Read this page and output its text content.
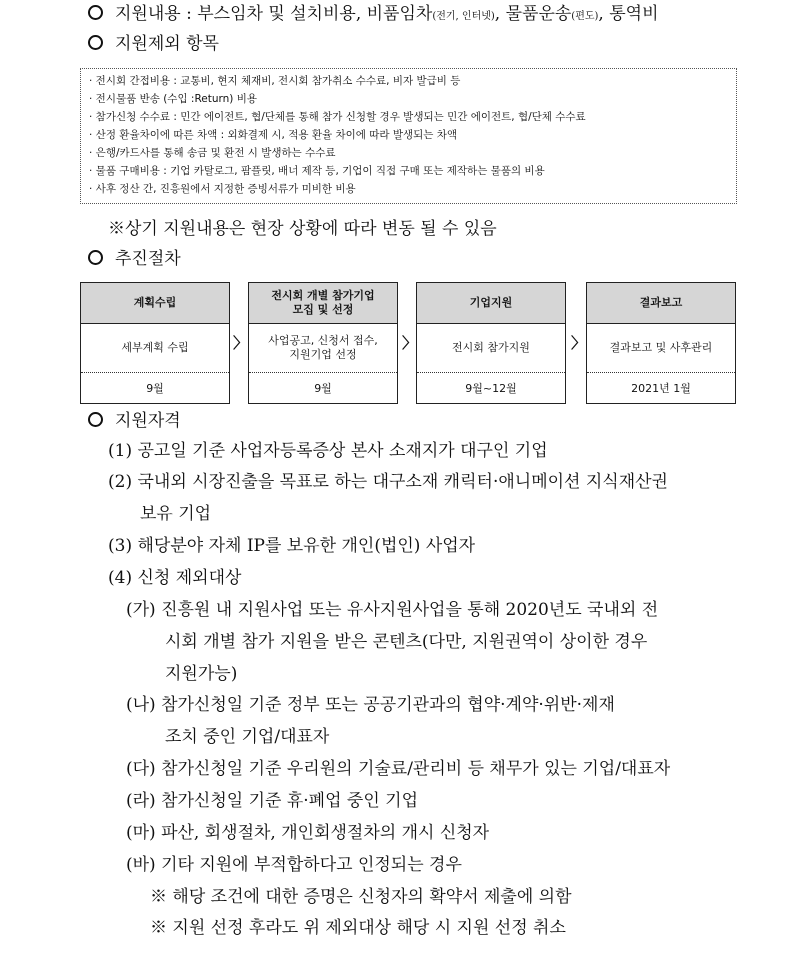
지원내용 : 부스임차 및 설치비용, 비품임차(전기, 인터넷), 물품운송(편도), 통역비
지원제외 항목
· 전시회 간접비용 : 교통비, 현지 체재비, 전시회 참가취소 수수료, 비자 발급비 등
· 전시물품 반송 (수입 :Return) 비용
· 참가신청 수수료 : 민간 에이전트, 협/단체를 통해 참가 신청할 경우 발생되는 민간 에이전트, 협/단체 수수료
· 산정 환율차이에 따른 차액 : 외화결제 시, 적용 환율 차이에 따라 발생되는 차액
· 은행/카드사를 통해 송금 및 환전 시 발생하는 수수료
· 물품 구매비용 : 기업 카탈로그, 팜플릿, 배너 제작 등, 기업이 직접 구매 또는 제작하는 물품의 비용
· 사후 정산 간, 진흥원에서 지정한 증빙서류가 미비한 비용
※상기 지원내용은 현장 상황에 따라 변동 될 수 있음
추진절차
계획수립
세부계획 수립
9월
〉
전시회 개별 참가기업
모집 및 선정
사업공고, 신청서 접수,
지원기업 선정
9월
〉
기업지원
전시회 참가지원
9월~12월
〉
결과보고
결과보고 및 사후관리
2021년 1월
지원자격
(1) 공고일 기준 사업자등록증상 본사 소재지가 대구인 기업
(2) 국내외 시장진출을 목표로 하는 대구소재 캐릭터·애니메이션 지식재산권
보유 기업
(3) 해당분야 자체 IP를 보유한 개인(법인) 사업자
(4) 신청 제외대상
(가) 진흥원 내 지원사업 또는 유사지원사업을 통해 2020년도 국내외 전
시회 개별 참가 지원을 받은 콘텐츠(다만, 지원권역이 상이한 경우
지원가능)
(나) 참가신청일 기준 정부 또는 공공기관과의 협약·계약·위반·제재
조치 중인 기업/대표자
(다) 참가신청일 기준 우리원의 기술료/관리비 등 채무가 있는 기업/대표자
(라) 참가신청일 기준 휴·폐업 중인 기업
(마) 파산, 회생절차, 개인회생절차의 개시 신청자
(바) 기타 지원에 부적합하다고 인정되는 경우
※ 해당 조건에 대한 증명은 신청자의 확약서 제출에 의함
※ 지원 선정 후라도 위 제외대상 해당 시 지원 선정 취소
